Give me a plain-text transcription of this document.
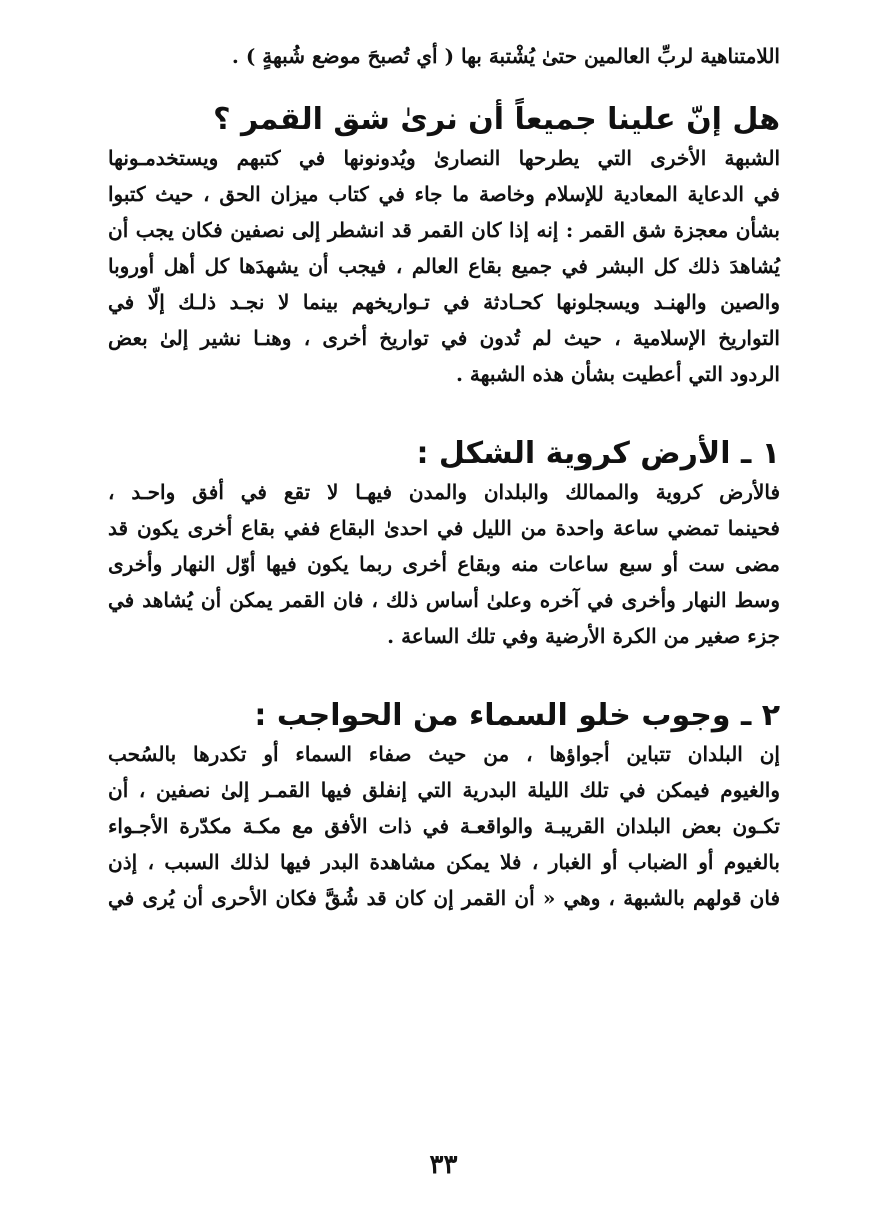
اللامتناهية لربِّ العالمين حتىٰ يُشْتبهَ بها ( أي تُصبحَ موضع شُبهةٍ ) .
هل إنّ علينا جميعاً أن نرىٰ شق القمر ؟
الشبهة الأخرى التي يطرحها النصارىٰ ويُدونونها في كتبهم ويستخدمـونها
في الدعاية المعادية للإسلام وخاصة ما جاء في كتاب ميزان الحق ، حيث كتبوا
بشأن معجزة شق القمر : إنه إذا كان القمر قد انشطر إلى نصفين فكان يجب أن
يُشاهدَ ذلك كل البشر في جميع بقاع العالم ، فيجب أن يشهدَها كل أهل أوروبا
والصين والهنـد ويسجلونها كحـادثة في تـواريخهم بينما لا نجـد ذلـك إلّا في
التواريخ الإسلامية ، حيث لم تُدون في تواريخ أخرى ، وهنـا نشير إلىٰ بعض
الردود التي أعطيت بشأن هذه الشبهة .
١ ـ الأرض كروية الشكل :
فالأرض كروية والممالك والبلدان والمدن فيهـا لا تقع في أفق واحـد ،
فحينما تمضي ساعة واحدة من الليل في احدىٰ البقاع ففي بقاع أخرى يكون قد
مضى ست أو سبع ساعات منه وبقاع أخرى ربما يكون فيها أوّل النهار وأخرى
وسط النهار وأخرى في آخره وعلىٰ أساس ذلك ، فان القمر يمكن أن يُشاهد في
جزء صغير من الكرة الأرضية وفي تلك الساعة .
٢ ـ وجوب خلو السماء من الحواجب :
إن البلدان تتباين أجواؤها ، من حيث صفاء السماء أو تكدرها بالسُحب
والغيوم فيمكن في تلك الليلة البدرية التي إنفلق فيها القمـر إلىٰ نصفين ، أن
تكـون بعض البلدان القريبـة والواقعـة في ذات الأفق مع مكـة مكدّرة الأجـواء
بالغيوم أو الضباب أو الغبار ، فلا يمكن مشاهدة البدر فيها لذلك السبب ، إذن
فان قولهم بالشبهة ، وهي « أن القمر إن كان قد شُقَّ فكان الأحرى أن يُرى في
٣٣
